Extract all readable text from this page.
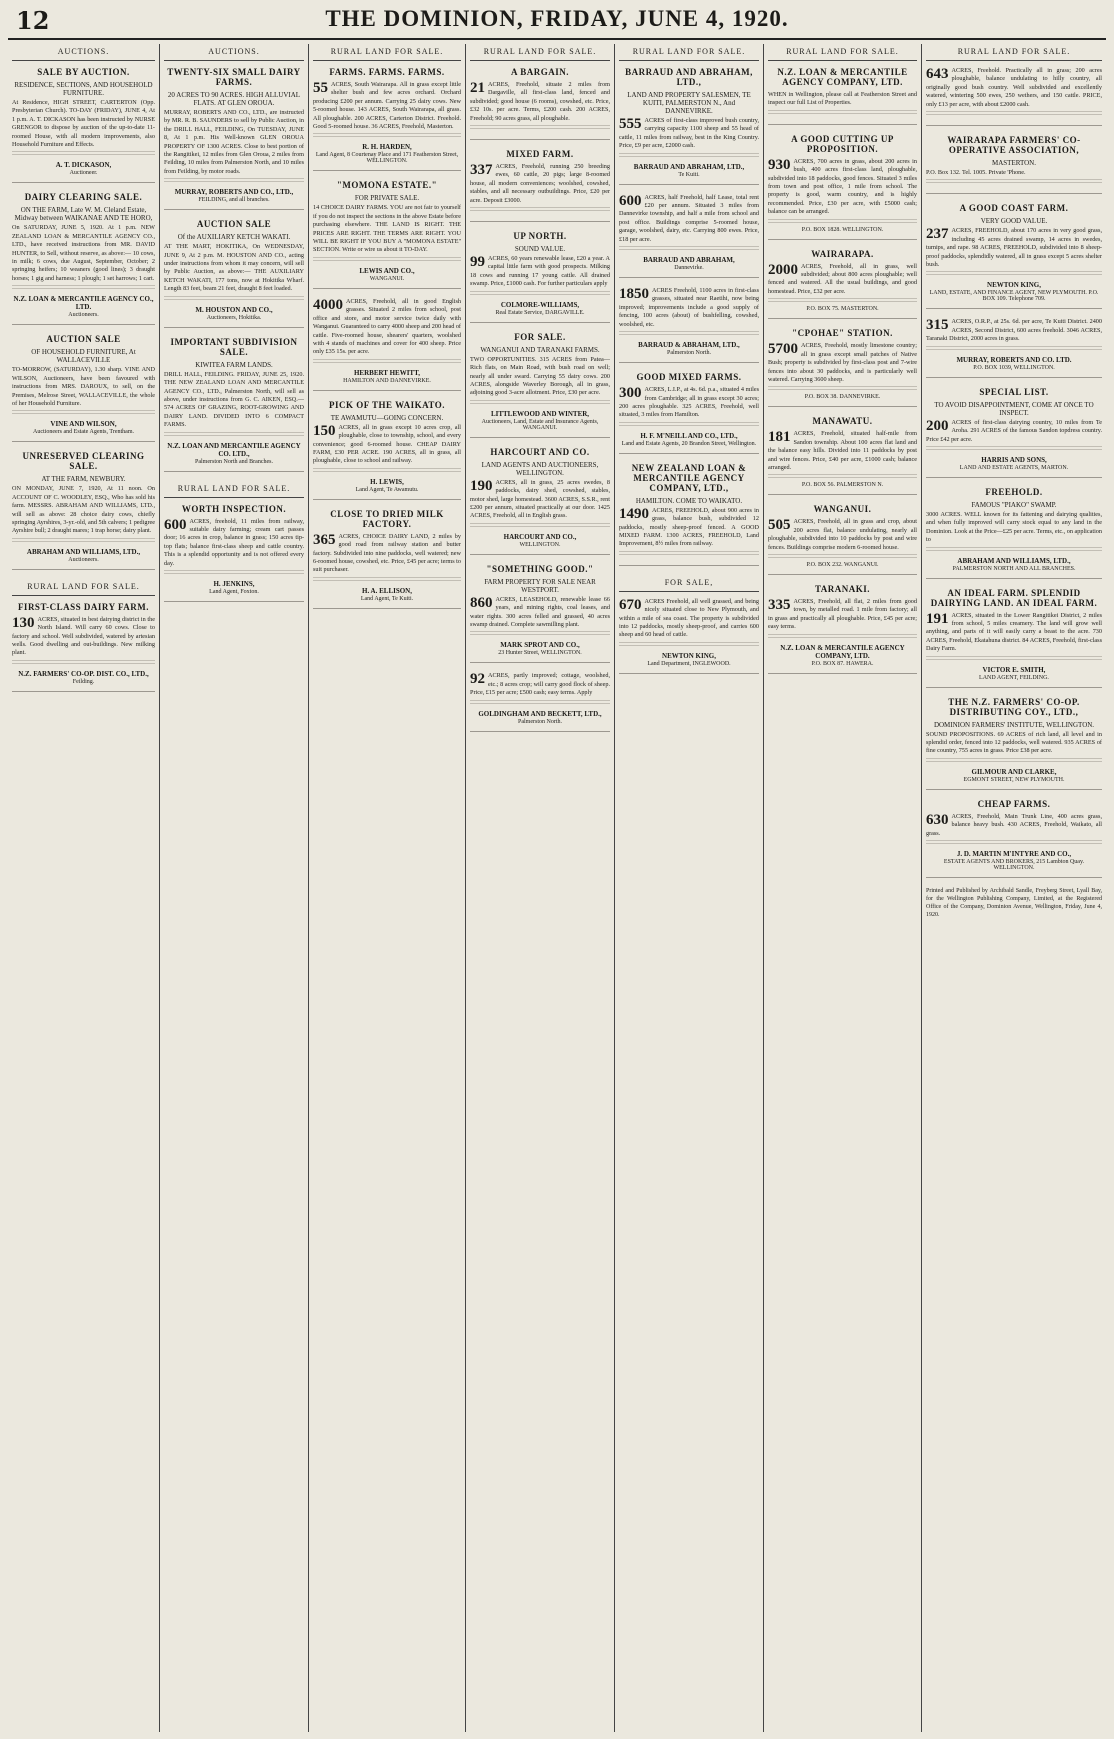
12	THE DOMINION, FRIDAY, JUNE 4, 1920.
AUCTIONS.
SALE BY AUCTION.
RESIDENCE, SECTIONS, AND HOUSEHOLD FURNITURE.
At Residence, HIGH STREET, CARTERTON (Opp. Presbyterian Church). TO-DAY (FRIDAY), JUNE 4, At 1 p.m. A. T. DICKASON has been instructed by NURSE GRENGOR to dispose by auction of the up-to-date 11-roomed House, with all modern improvements, also Household Furniture and Effects.
A. T. DICKASON,
Auctioneer.
DAIRY CLEARING SALE.
ON THE FARM, Late W. M. Cleland Estate, Midway between WAIKANAE AND TE HORO,
On SATURDAY, JUNE 5, 1920. At 1 p.m. NEW ZEALAND LOAN & MERCANTILE AGENCY CO., LTD., have received instructions from MR. DAVID HUNTER, to Sell, without reserve, as above:— 10 cows, in milk; 6 cows, due August, September, October; 2 springing heifers; 10 weaners (good lines); 3 draught horses; 1 gig and harness; 1 plough; 1 set harrows; 1 cart.
N.Z. LOAN & MERCANTILE AGENCY CO., LTD.
Auctioneers.
AUCTION SALE
OF HOUSEHOLD FURNITURE, At WALLACEVILLE
TO-MORROW, (SATURDAY), 1.30 sharp. VINE AND WILSON, Auctioneers, have been favoured with instructions from MRS. DAROUX, to sell, on the Premises, Melrose Street, WALLACEVILLE, the whole of her Household Furniture.
VINE AND WILSON,
Auctioneers and Estate Agents, Trentham.
UNRESERVED CLEARING SALE.
AT THE FARM, NEWBURY.
ON MONDAY, JUNE 7, 1920, At 11 noon. On ACCOUNT OF C. WOODLEY, ESQ., Who has sold his farm. MESSRS. ABRAHAM AND WILLIAMS, LTD., will sell as above: 28 choice dairy cows, chiefly springing Ayrshires, 3-yr.-old, and 5th calvers; 1 pedigree Ayrshire bull; 2 draught mares; 1 trap horse; dairy plant.
ABRAHAM AND WILLIAMS, LTD.,
Auctioneers.
RURAL LAND FOR SALE.
FIRST-CLASS DAIRY FARM.
130 ACRES, situated in best dairying district in the North Island. Will carry 60 cows. Close to factory and school. Well subdivided, watered by artesian wells. Good dwelling and out-buildings. New milking plant.
N.Z. FARMERS' CO-OP. DIST. CO., LTD.,
Feilding.
AUCTIONS.
TWENTY-SIX SMALL DAIRY FARMS.
20 ACRES TO 90 ACRES. HIGH ALLUVIAL FLATS. AT GLEN OROUA.
MURRAY, ROBERTS AND CO., LTD., are instructed by MR. R. B. SAUNDERS to sell by Public Auction, in the DRILL HALL, FEILDING, On TUESDAY, JUNE 8, At 1 p.m. His Well-known GLEN OROUA PROPERTY OF 1300 ACRES. Close to best portion of the Rangitikei, 12 miles from Glen Oroua, 2 miles from Feilding, 10 miles from Palmerston North, and 10 miles from Feilding, by motor roads.
MURRAY, ROBERTS AND CO., LTD.,
FEILDING, and all branches.
AUCTION SALE
Of the AUXILIARY KETCH WAKATI.
AT THE MART, HOKITIKA, On WEDNESDAY, JUNE 9, At 2 p.m. M. HOUSTON AND CO., acting under instructions from whom it may concern, will sell by Public Auction, as above:— THE AUXILIARY KETCH WAKATI, 177 tons, now at Hokitika Wharf. Length 83 feet, beam 21 feet, draught 8 feet loaded.
M. HOUSTON AND CO.,
Auctioneers, Hokitika.
IMPORTANT SUBDIVISION SALE.
KIWITEA FARM LANDS.
DRILL HALL, FEILDING. FRIDAY, JUNE 25, 1920. THE NEW ZEALAND LOAN AND MERCANTILE AGENCY CO., LTD., Palmerston North, will sell as above, under instructions from G. C. AIKEN, ESQ.— 574 ACRES OF GRAZING, ROOT-GROWING AND DAIRY LAND. DIVIDED INTO 6 COMPACT FARMS.
N.Z. LOAN AND MERCANTILE AGENCY CO. LTD.,
Palmerston North and Branches.
RURAL LAND FOR SALE.
WORTH INSPECTION.
600 ACRES, freehold, 11 miles from railway, suitable dairy farming; cream cart passes door; 16 acres in crop, balance in grass; 150 acres tip-top flats; balance first-class sheep and cattle country. This is a splendid opportunity and is not offered every day.
H. JENKINS,
Land Agent, Foxton.
RURAL LAND FOR SALE.
FARMS. FARMS. FARMS.
55 ACRES, South Wairarapa. All in grass except little shelter bush and few acres orchard. Orchard producing £200 per annum. Carrying 25 dairy cows. New 5-roomed house. 143 ACRES, South Wairarapa, all grass. All ploughable. 200 ACRES, Carterton District. Freehold. Good 5-roomed house. 36 ACRES, Freehold, Masterton.
R. H. HARDEN,
Land Agent, 8 Courtenay Place and 171 Featherston Street, WELLINGTON.
"MOMONA ESTATE."
FOR PRIVATE SALE.
14 CHOICE DAIRY FARMS. YOU are not fair to yourself if you do not inspect the sections in the above Estate before purchasing elsewhere. THE LAND IS RIGHT. THE PRICES ARE RIGHT. THE TERMS ARE RIGHT. YOU WILL BE RIGHT IF YOU BUY A "MOMONA ESTATE" SECTION. Write or wire us about it TO-DAY.
LEWIS AND CO.,
WANGANUI.
4000 ACRES, Freehold, all in good English grasses. Situated 2 miles from school, post office and store, and motor service twice daily with Wanganui. Guaranteed to carry 4000 sheep and 200 head of cattle. Five-roomed house, shearers' quarters, woolshed with 4 stands of machines and cover for 400 sheep. Price only £35 15s. per acre.
HERBERT HEWITT,
HAMILTON AND DANNEVIRKE.
PICK OF THE WAIKATO.
TE AWAMUTU—GOING CONCERN.
150 ACRES, all in grass except 10 acres crop, all ploughable, close to township, school, and every convenience; good 6-roomed house. CHEAP DAIRY FARM, £30 PER ACRE. 190 ACRES, all in grass, all ploughable, close to school and railway.
H. LEWIS,
Land Agent, Te Awamutu.
CLOSE TO DRIED MILK FACTORY.
365 ACRES, CHOICE DAIRY LAND, 2 miles by good road from railway station and butter factory. Subdivided into nine paddocks, well watered; new 6-roomed house, cowshed, etc. Price, £45 per acre; terms to suit purchaser.
H. A. ELLISON,
Land Agent, Te Kuiti.
RURAL LAND FOR SALE.
A BARGAIN.
21 ACRES, Freehold, situate 2 miles from Dargaville, all first-class land, fenced and subdivided; good house (6 rooms), cowshed, etc. Price, £32 10s. per acre. Terms, £200 cash. 200 ACRES, Freehold; 90 acres grass, all ploughable.
MIXED FARM.
337 ACRES, Freehold, running 250 breeding ewes, 60 cattle, 20 pigs; large 8-roomed house, all modern conveniences; woolshed, cowshed, stables, and all necessary outbuildings. Price, £20 per acre. Deposit £3000.
UP NORTH.
SOUND VALUE.
99 ACRES, 60 years renewable lease, £20 a year. A capital little farm with good prospects. Milking 18 cows and running 17 young cattle. All drained swamp. Price, £1000 cash. For further particulars apply
COLMORE-WILLIAMS,
Real Estate Service, DARGAVILLE.
FOR SALE.
WANGANUI AND TARANAKI FARMS.
TWO OPPORTUNITIES. 315 ACRES from Patea—Rich flats, on Main Road, with bush road on well; nearly all under sward. Carrying 55 dairy cows. 200 ACRES, alongside Waverley Borough, all in grass, adjoining good 3-acre allotment. Price, £30 per acre.
LITTLEWOOD AND WINTER,
Auctioneers, Land, Estate and Insurance Agents, WANGANUI.
HARCOURT AND CO.
LAND AGENTS AND AUCTIONEERS, WELLINGTON.
190 ACRES, all in grass, 25 acres swedes, 8 paddocks, dairy shed, cowshed, stables, motor shed, large homestead. 3600 ACRES, S.S.R., rent £200 per annum, situated practically at our door. 1425 ACRES, Freehold, all in English grass.
HARCOURT AND CO.,
WELLINGTON.
"SOMETHING GOOD."
FARM PROPERTY FOR SALE NEAR WESTPORT.
860 ACRES, LEASEHOLD, renewable lease 66 years, and mining rights, coal leases, and water rights. 300 acres felled and grassed, 40 acres swamp drained. Complete sawmilling plant.
MARK SPROT AND CO.,
23 Hunter Street, WELLINGTON.
92 ACRES, partly improved; cottage, woolshed, etc.; 8 acres crop; will carry good flock of sheep. Price, £15 per acre; £500 cash; easy terms. Apply
GOLDINGHAM AND BECKETT, LTD.,
Palmerston North.
RURAL LAND FOR SALE.
BARRAUD AND ABRAHAM, LTD.,
LAND AND PROPERTY SALESMEN, TE KUITI, PALMERSTON N., And DANNEVIRKE.
555 ACRES of first-class improved bush country, carrying capacity 1100 sheep and 55 head of cattle, 11 miles from railway, best in the King Country. Price, £9 per acre, £2000 cash.
BARRAUD AND ABRAHAM, LTD.,
Te Kuiti.
600 ACRES, half Freehold, half Lease, total rent £20 per annum. Situated 3 miles from Dannevirke township, and half a mile from school and post office. Buildings comprise 5-roomed house, garage, woolshed, dairy, etc. Carrying 800 ewes. Price, £18 per acre.
BARRAUD AND ABRAHAM,
Dannevirke.
1850 ACRES Freehold, 1100 acres in first-class grasses, situated near Raetihi, now being improved; improvements include a good supply of fencing, 100 acres (about) of bushfelling, cowshed, woolshed, etc.
BARRAUD & ABRAHAM, LTD.,
Palmerston North.
GOOD MIXED FARMS.
300 ACRES, L.I.P., at 4s. 6d. p.a., situated 4 miles from Cambridge; all in grass except 30 acres; 200 acres ploughable. 325 ACRES, Freehold, well situated, 3 miles from Hamilton.
H. F. M'NEILL AND CO., LTD.,
Land and Estate Agents, 20 Brandon Street, Wellington.
NEW ZEALAND LOAN & MERCANTILE AGENCY COMPANY, LTD.,
HAMILTON. COME TO WAIKATO.
1490 ACRES, FREEHOLD, about 900 acres in grass, balance bush, subdivided 12 paddocks, mostly sheep-proof fenced. A GOOD MIXED FARM. 1300 ACRES, FREEHOLD, Land Improvement, 8½ miles from railway.
FOR SALE,
670 ACRES Freehold, all well grassed, and being nicely situated close to New Plymouth, and within a mile of sea coast. The property is subdivided into 12 paddocks, mostly sheep-proof, and carries 600 sheep and 60 head of cattle.
NEWTON KING,
Land Department, INGLEWOOD.
RURAL LAND FOR SALE.
N.Z. LOAN & MERCANTILE AGENCY COMPANY, LTD.
WHEN in Wellington, please call at Featherston Street and inspect our full List of Properties.
A GOOD CUTTING UP PROPOSITION.
930 ACRES, 700 acres in grass, about 200 acres in bush, 400 acres first-class land, ploughable, subdivided into 18 paddocks, good fences. Situated 3 miles from town and post office, 1 mile from school. The property is good, warm country, and is highly recommended. Price, £30 per acre, with £5000 cash; balance can be arranged.
P.O. BOX 1828. WELLINGTON.
WAIRARAPA.
2000 ACRES, Freehold, all in grass, well subdivided; about 800 acres ploughable; well fenced and watered. All the usual buildings, and good homestead. Price, £32 per acre.
P.O. BOX 75. MASTERTON.
"CPOHAE" STATION.
5700 ACRES, Freehold, mostly limestone country; all in grass except small patches of Native Bush; property is subdivided by first-class post and 7-wire fences into about 30 paddocks, and is particularly well watered. Carrying 3600 sheep.
P.O. BOX 38. DANNEVIRKE.
MANAWATU.
181 ACRES, Freehold, situated half-mile from Sandon township. About 100 acres flat land and the balance easy hills. Divided into 11 paddocks by post and wire fences. Price, £40 per acre, £1000 cash; balance arranged.
P.O. BOX 56. PALMERSTON N.
WANGANUI.
505 ACRES, Freehold, all in grass and crop, about 200 acres flat, balance undulating, nearly all ploughable, subdivided into 10 paddocks by post and wire fences. Buildings comprise modern 6-roomed house.
P.O. BOX 232. WANGANUI.
TARANAKI.
335 ACRES, Freehold, all flat, 2 miles from good town, by metalled road. 1 mile from factory; all in grass and practically all ploughable. Price, £45 per acre; easy terms.
N.Z. LOAN & MERCANTILE AGENCY COMPANY, LTD.
P.O. BOX 87. HAWERA.
RURAL LAND FOR SALE.
643 ACRES, Freehold. Practically all in grass; 200 acres ploughable, balance undulating to hilly country, all originally good bush country. Well subdivided and excellently watered, wintering 500 ewes, 250 wethers, and 150 cattle. PRICE, only £13 per acre, with about £2000 cash.
WAIRARAPA FARMERS' CO-OPERATIVE ASSOCIATION,
MASTERTON.
P.O. Box 132. Tel. 1005. Private 'Phone.
A GOOD COAST FARM.
VERY GOOD VALUE.
237 ACRES, FREEHOLD, about 170 acres in very good grass, including 45 acres drained swamp, 14 acres in swedes, turnips, and rape. 98 ACRES, FREEHOLD, subdivided into 8 sheep-proof paddocks, splendidly watered, all in grass except 5 acres shelter bush.
NEWTON KING,
LAND, ESTATE, AND FINANCE AGENT, NEW PLYMOUTH. P.O. BOX 109. Telephone 709.
315 ACRES, O.R.P., at 25s. 6d. per acre, Te Kuiti District. 2400 ACRES, Second District, 600 acres freehold. 3046 ACRES, Taranaki District, 2000 acres in grass.
MURRAY, ROBERTS AND CO. LTD.
P.O. BOX 1039, WELLINGTON.
SPECIAL LIST.
TO AVOID DISAPPOINTMENT, COME AT ONCE TO INSPECT.
200 ACRES of first-class dairying country, 10 miles from Te Aroha. 291 ACRES of the famous Sandon topdress country. Price £42 per acre.
HARRIS AND SONS,
LAND AND ESTATE AGENTS, MARTON.
FREEHOLD.
FAMOUS "PIAKO" SWAMP.
3000 ACRES. WELL known for its fattening and dairying qualities, and when fully improved will carry stock equal to any land in the Dominion. Look at the Price—£25 per acre. Terms, etc., on application to
ABRAHAM AND WILLIAMS, LTD.,
PALMERSTON NORTH AND ALL BRANCHES.
AN IDEAL FARM. SPLENDID DAIRYING LAND. AN IDEAL FARM.
191 ACRES, situated in the Lower Rangitikei District, 2 miles from school, 5 miles creamery. The land will grow well anything, and parts of it will easily carry a beast to the acre. 730 ACRES, Freehold, Ekatahuna district. 84 ACRES, Freehold, first-class Dairy Farm.
VICTOR E. SMITH,
LAND AGENT, FEILDING.
THE N.Z. FARMERS' CO-OP. DISTRIBUTING COY., LTD.,
DOMINION FARMERS' INSTITUTE, WELLINGTON.
SOUND PROPOSITIONS. 69 ACRES of rich land, all level and in splendid order, fenced into 12 paddocks, well watered. 935 ACRES of fine country, 755 acres in grass. Price £38 per acre.
GILMOUR AND CLARKE,
EGMONT STREET, NEW PLYMOUTH.
CHEAP FARMS.
630 ACRES, Freehold, Main Trunk Line, 400 acres grass, balance heavy bush. 430 ACRES, Freehold, Waikato, all grass.
J. D. MARTIN M'INTYRE AND CO.,
ESTATE AGENTS AND BROKERS, 215 Lambton Quay. WELLINGTON.
Printed and Published by Archibald Sandle, Freyberg Street, Lyall Bay, for the Wellington Publishing Company, Limited, at the Registered Office of the Company, Dominion Avenue, Wellington, Friday, June 4, 1920.
